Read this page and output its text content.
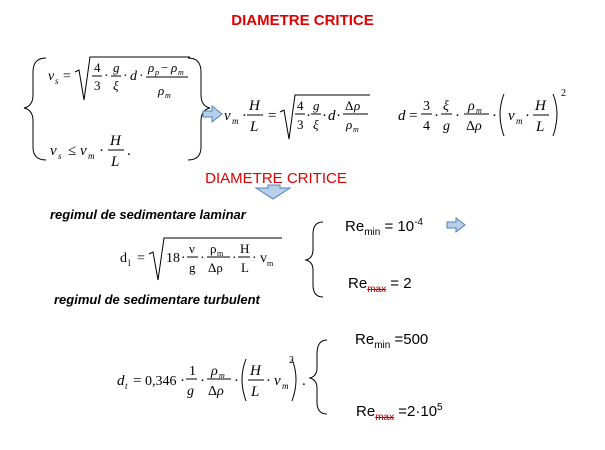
DIAMETRE CRITICE
v s =
4
3
·
g
ξ
· d ·
ρ p − ρ m
ρ m
v s ≤ v m ·
H
L
.
v m ·
H
L
=
4
3
·
g
ξ
· d ·
Δ ρ
ρ m
d =
3
4
·
ξ
g
·
ρ m
Δ ρ
· v m ·
H
L
2
d l = 18 ·
ν
g
·
ρ m
Δρ
·
H
L
· v m
d t = 0,346 ·
1
g
·
ρ m
Δ ρ
·
H
L
· v m
2
.
DIAMETRE CRITICE
regimul de sedimentare laminar
regimul de sedimentare turbulent
$Re_{min} = 10^{-4}$
$Re_{max} = 2$
$Re_{min} =500$
$Re_{max} =2\cdot 10^5$
